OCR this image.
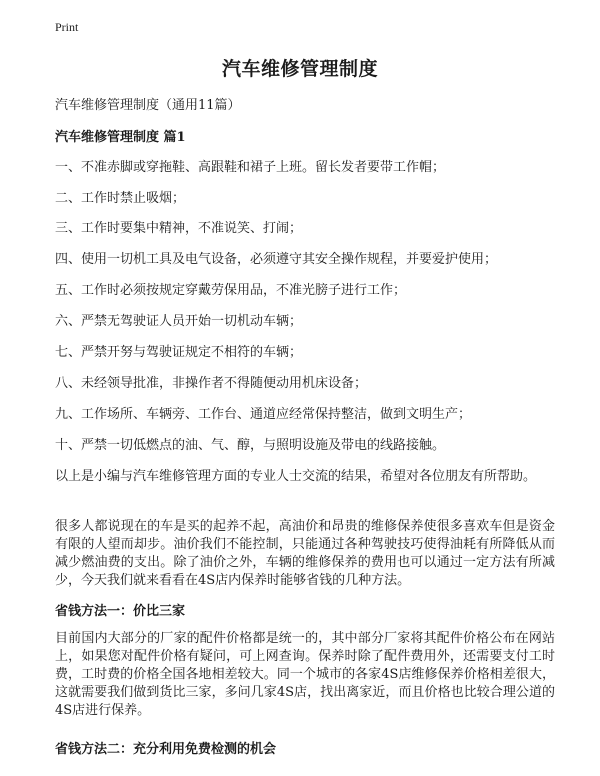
Print
汽车维修管理制度
汽车维修管理制度（通用11篇）
汽车维修管理制度 篇1
一、不准赤脚或穿拖鞋、高跟鞋和裙子上班。留长发者要带工作帽；
二、工作时禁止吸烟；
三、工作时要集中精神，不准说笑、打闹；
四、使用一切机工具及电气设备，必须遵守其安全操作规程，并要爱护使用；
五、工作时必须按规定穿戴劳保用品，不准光膀子进行工作；
六、严禁无驾驶证人员开始一切机动车辆；
七、严禁开努与驾驶证规定不相符的车辆；
八、未经领导批准，非操作者不得随便动用机床设备；
九、工作场所、车辆旁、工作台、通道应经常保持整洁，做到文明生产；
十、严禁一切低燃点的油、气、醇，与照明设施及带电的线路接触。
以上是小编与汽车维修管理方面的专业人士交流的结果，希望对各位朋友有所帮助。
很多人都说现在的车是买的起养不起，高油价和昂贵的维修保养使很多喜欢车但是资金有限的人望而却步。油价我们不能控制，只能通过各种驾驶技巧使得油耗有所降低从而减少燃油费的支出。除了油价之外，车辆的维修保养的费用也可以通过一定方法有所减少，今天我们就来看看在4S店内保养时能够省钱的几种方法。
省钱方法一：价比三家
目前国内大部分的厂家的配件价格都是统一的，其中部分厂家将其配件价格公布在网站上，如果您对配件价格有疑问，可上网查询。保养时除了配件费用外，还需要支付工时费，工时费的价格全国各地相差较大。同一个城市的各家4S店维修保养价格相差很大，这就需要我们做到货比三家，多问几家4S店，找出离家近，而且价格也比较合理公道的4S店进行保养。
省钱方法二：充分利用免费检测的机会
